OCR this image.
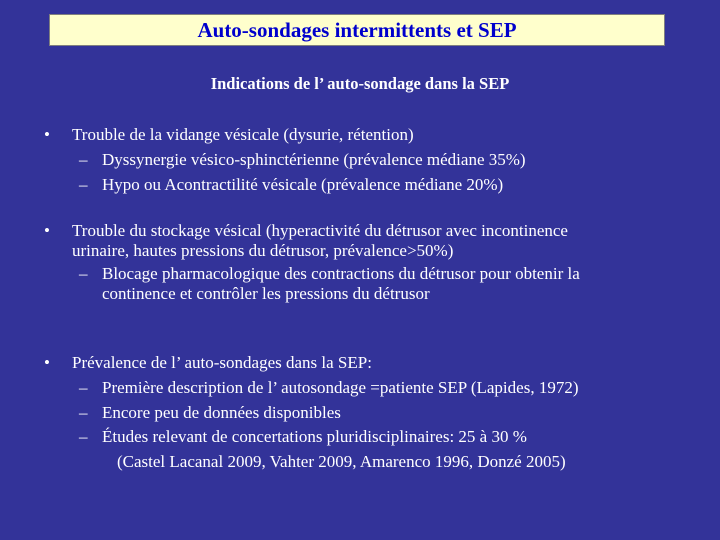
Auto-sondages intermittents et SEP
Indications de l’ auto-sondage dans la SEP
• Trouble de la vidange vésicale (dysurie, rétention)
– Dyssynergie vésico-sphinctérienne (prévalence médiane 35%)
– Hypo ou Acontractilité vésicale (prévalence médiane 20%)
• Trouble du stockage vésical (hyperactivité du détrusor avec incontinence
urinaire, hautes pressions du détrusor, prévalence>50%)
– Blocage pharmacologique des contractions du détrusor pour obtenir la
continence et contrôler les pressions du détrusor
• Prévalence de l’ auto-sondages dans la SEP:
– Première description de l’ autosondage =patiente SEP (Lapides, 1972)
– Encore peu de données disponibles
– Études relevant de concertations pluridisciplinaires: 25 à 30 %
(Castel Lacanal 2009, Vahter 2009, Amarenco 1996, Donzé 2005)
